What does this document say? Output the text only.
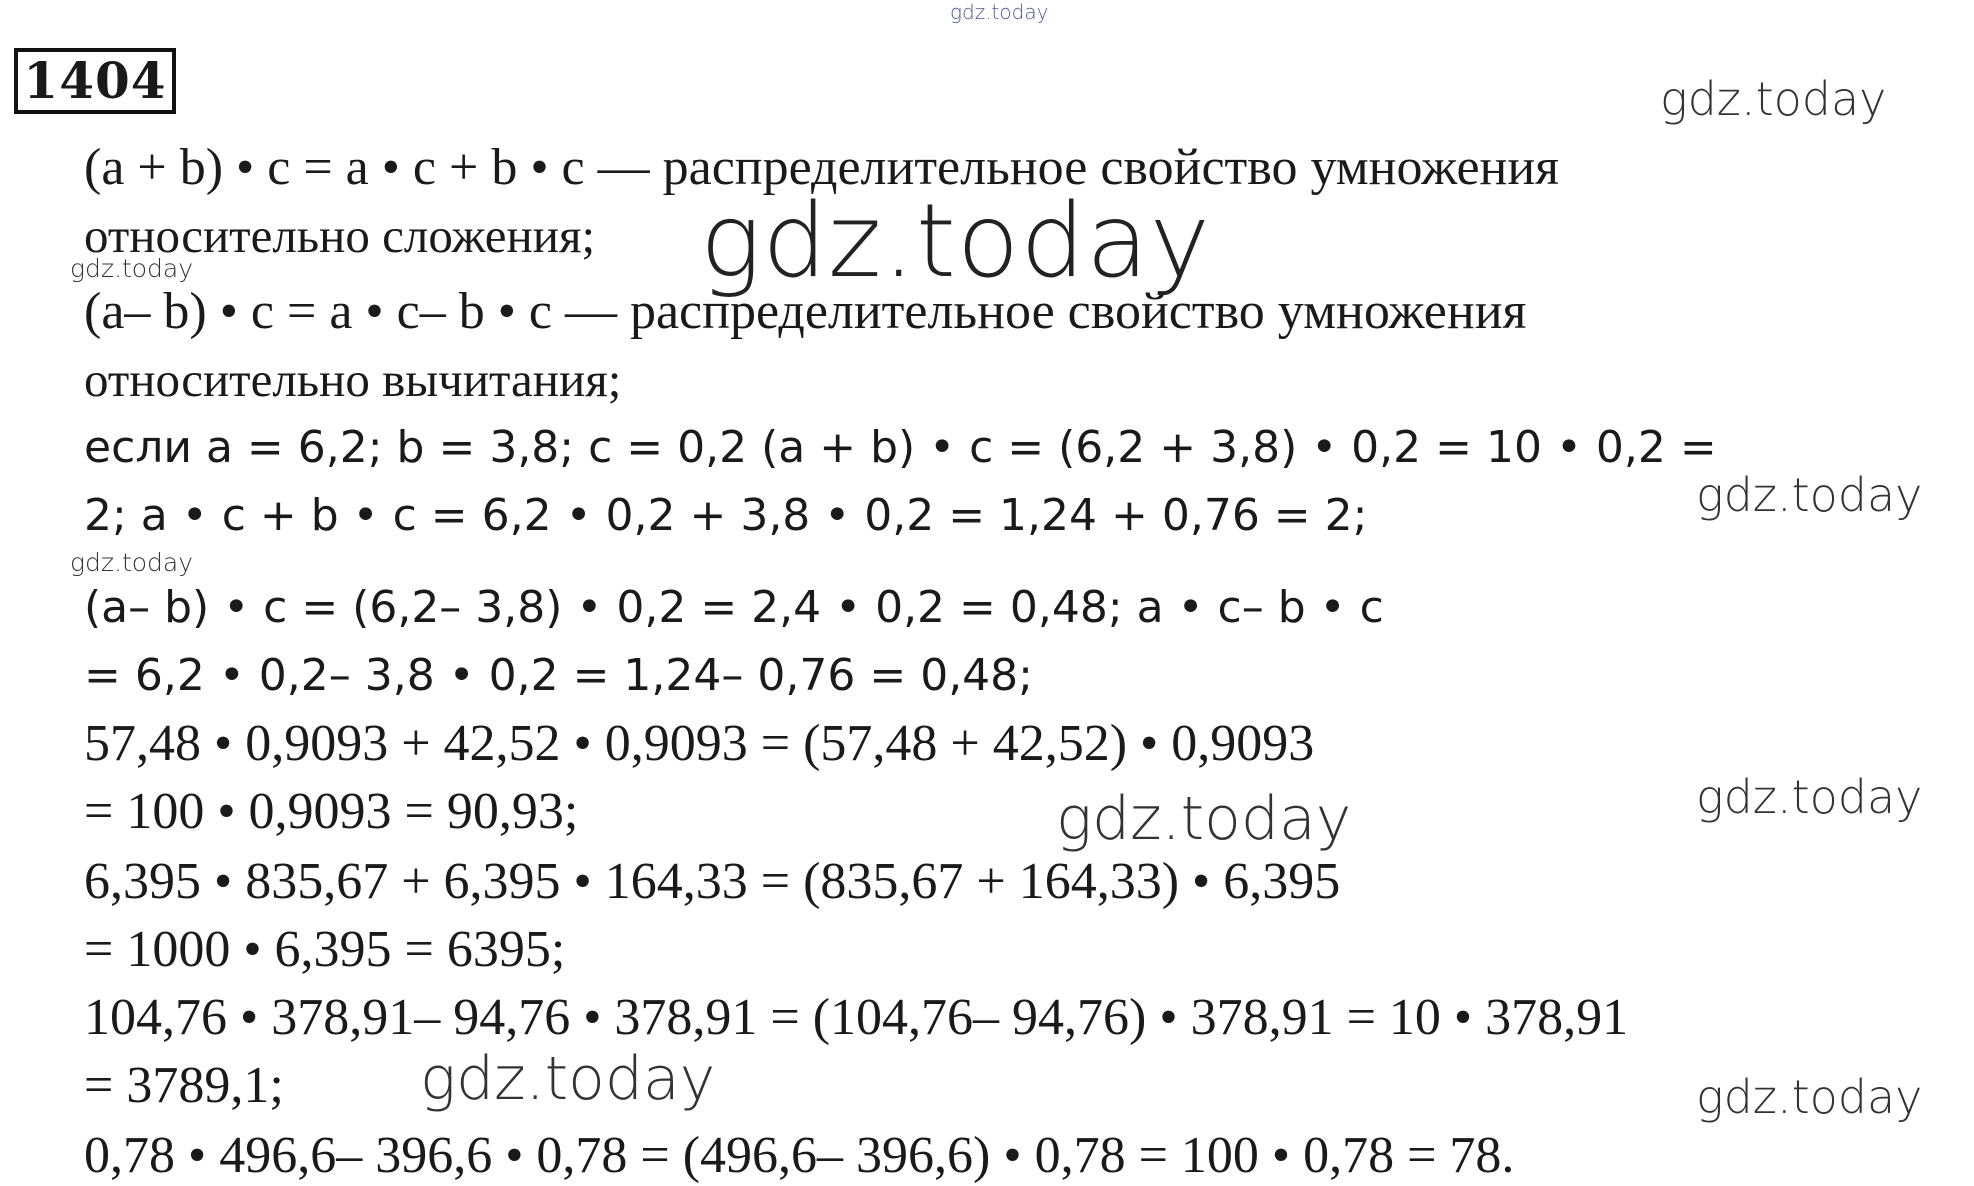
1404
(a + b) • c = a • c + b • c — распределительное свойство умножения
относительно сложения;
(a– b) • c = a • c– b • c — распределительное свойство умножения
относительно вычитания;
если a = 6,2; b = 3,8; c = 0,2 (a + b) • c = (6,2 + 3,8) • 0,2 = 10 • 0,2 =
2; a • c + b • c = 6,2 • 0,2 + 3,8 • 0,2 = 1,24 + 0,76 = 2;
(a– b) • c = (6,2– 3,8) • 0,2 = 2,4 • 0,2 = 0,48; a • c– b • c
= 6,2 • 0,2– 3,8 • 0,2 = 1,24– 0,76 = 0,48;
57,48 • 0,9093 + 42,52 • 0,9093 = (57,48 + 42,52) • 0,9093
= 100 • 0,9093 = 90,93;
6,395 • 835,67 + 6,395 • 164,33 = (835,67 + 164,33) • 6,395
= 1000 • 6,395 = 6395;
104,76 • 378,91– 94,76 • 378,91 = (104,76– 94,76) • 378,91 = 10 • 378,91
= 3789,1;
0,78 • 496,6– 396,6 • 0,78 = (496,6– 396,6) • 0,78 = 100 • 0,78 = 78.
gdz.today
gdz.today
gdz.today
gdz.today
gdz.today
gdz.today
gdz.today	gdz.today
gdz.today	gdz.today
